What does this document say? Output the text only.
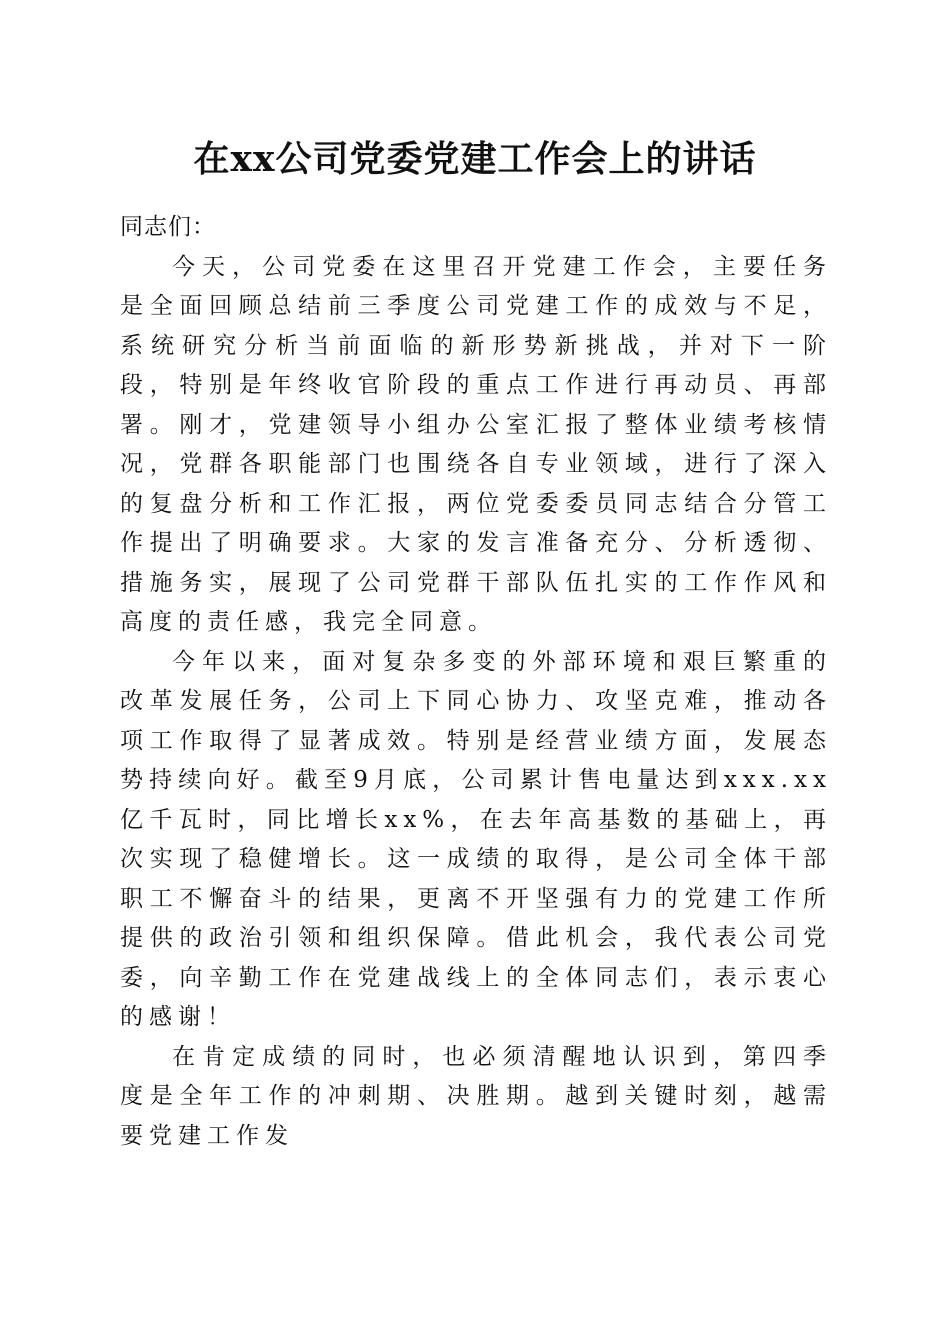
在xx公司党委党建工作会上的讲话

同志们：

今天，公司党委在这里召开党建工作会，主要任务是全面回顾总结前三季度公司党建工作的成效与不足，系统研究分析当前面临的新形势新挑战，并对下一阶段，特别是年终收官阶段的重点工作进行再动员、再部署。刚才，党建领导小组办公室汇报了整体业绩考核情况，党群各职能部门也围绕各自专业领域，进行了深入的复盘分析和工作汇报，两位党委委员同志结合分管工作提出了明确要求。大家的发言准备充分、分析透彻、措施务实，展现了公司党群干部队伍扎实的工作作风和高度的责任感，我完全同意。

今年以来，面对复杂多变的外部环境和艰巨繁重的改革发展任务，公司上下同心协力、攻坚克难，推动各项工作取得了显著成效。特别是经营业绩方面，发展态势持续向好。截至9月底，公司累计售电量达到xxx.xx亿千瓦时，同比增长xx%，在去年高基数的基础上，再次实现了稳健增长。这一成绩的取得，是公司全体干部职工不懈奋斗的结果，更离不开坚强有力的党建工作所提供的政治引领和组织保障。借此机会，我代表公司党委，向辛勤工作在党建战线上的全体同志们，表示衷心的感谢！

在肯定成绩的同时，也必须清醒地认识到，第四季度是全年工作的冲刺期、决胜期。越到关键时刻，越需要党建工作发
